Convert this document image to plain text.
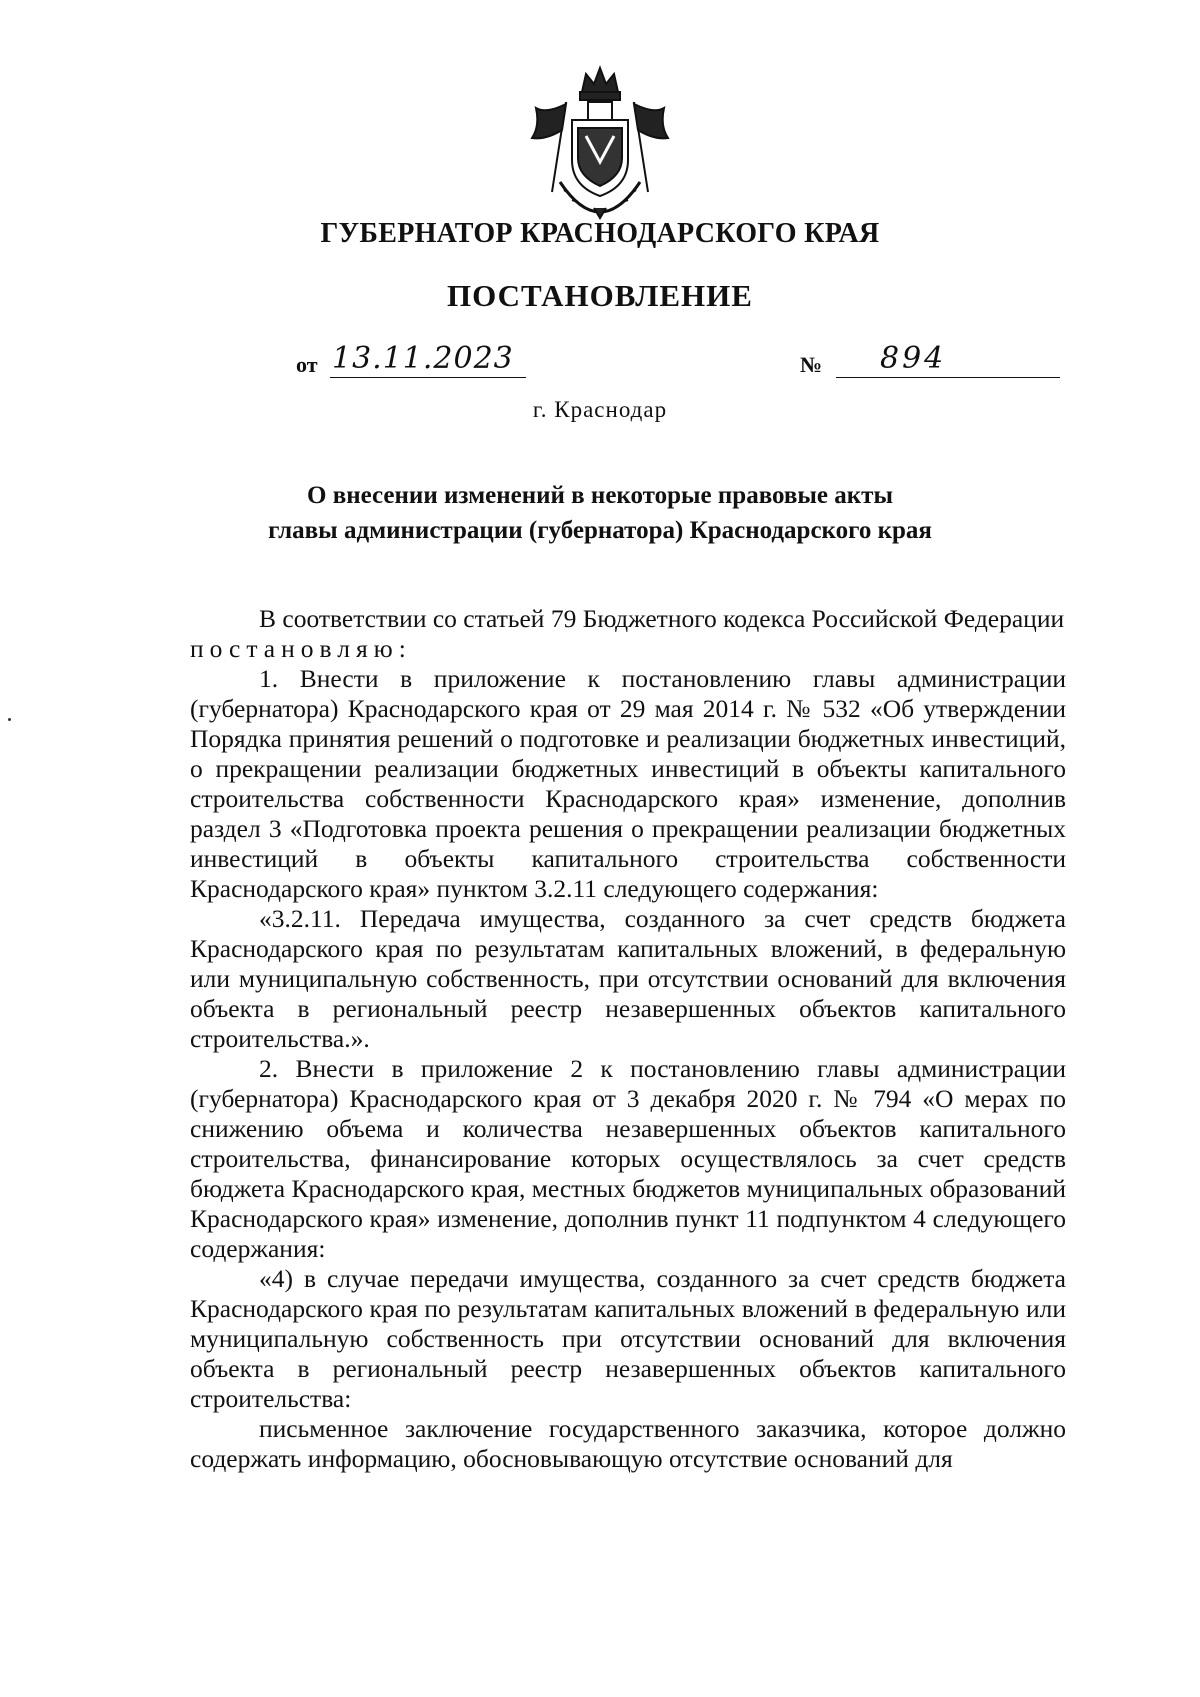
ГУБЕРНАТОР КРАСНОДАРСКОГО КРАЯ
ПОСТАНОВЛЕНИЕ
от 13.11.2023	№ 894
г. Краснодар
О внесении изменений в некоторые правовые акты
главы администрации (губернатора) Краснодарского края

В соответствии со статьей 79 Бюджетного кодекса Российской Федерации

постановляю:

1. Внести в приложение к постановлению главы администрации (губернатора) Краснодарского края от 29 мая 2014 г. № 532 «Об утверждении Порядка принятия решений о подготовке и реализации бюджетных инвестиций, о прекращении реализации бюджетных инвестиций в объекты капитального строительства собственности Краснодарского края» изменение, дополнив раздел 3 «Подготовка проекта решения о прекращении реализации бюджетных инвестиций в объекты капитального строительства собственности Краснодарского края» пунктом 3.2.11 следующего содержания:

«3.2.11. Передача имущества, созданного за счет средств бюджета Краснодарского края по результатам капитальных вложений, в федеральную или муниципальную собственность, при отсутствии оснований для включения объекта в региональный реестр незавершенных объектов капитального строительства.».

2. Внести в приложение 2 к постановлению главы администрации (губернатора) Краснодарского края от 3 декабря 2020 г. № 794 «О мерах по снижению объема и количества незавершенных объектов капитального строительства, финансирование которых осуществлялось за счет средств бюджета Краснодарского края, местных бюджетов муниципальных образований Краснодарского края» изменение, дополнив пункт 11 подпунктом 4 следующего содержания:

«4) в случае передачи имущества, созданного за счет средств бюджета Краснодарского края по результатам капитальных вложений в федеральную или муниципальную собственность при отсутствии оснований для включения объекта в региональный реестр незавершенных объектов капитального строительства:

письменное заключение государственного заказчика, которое должно содержать информацию, обосновывающую отсутствие оснований для
